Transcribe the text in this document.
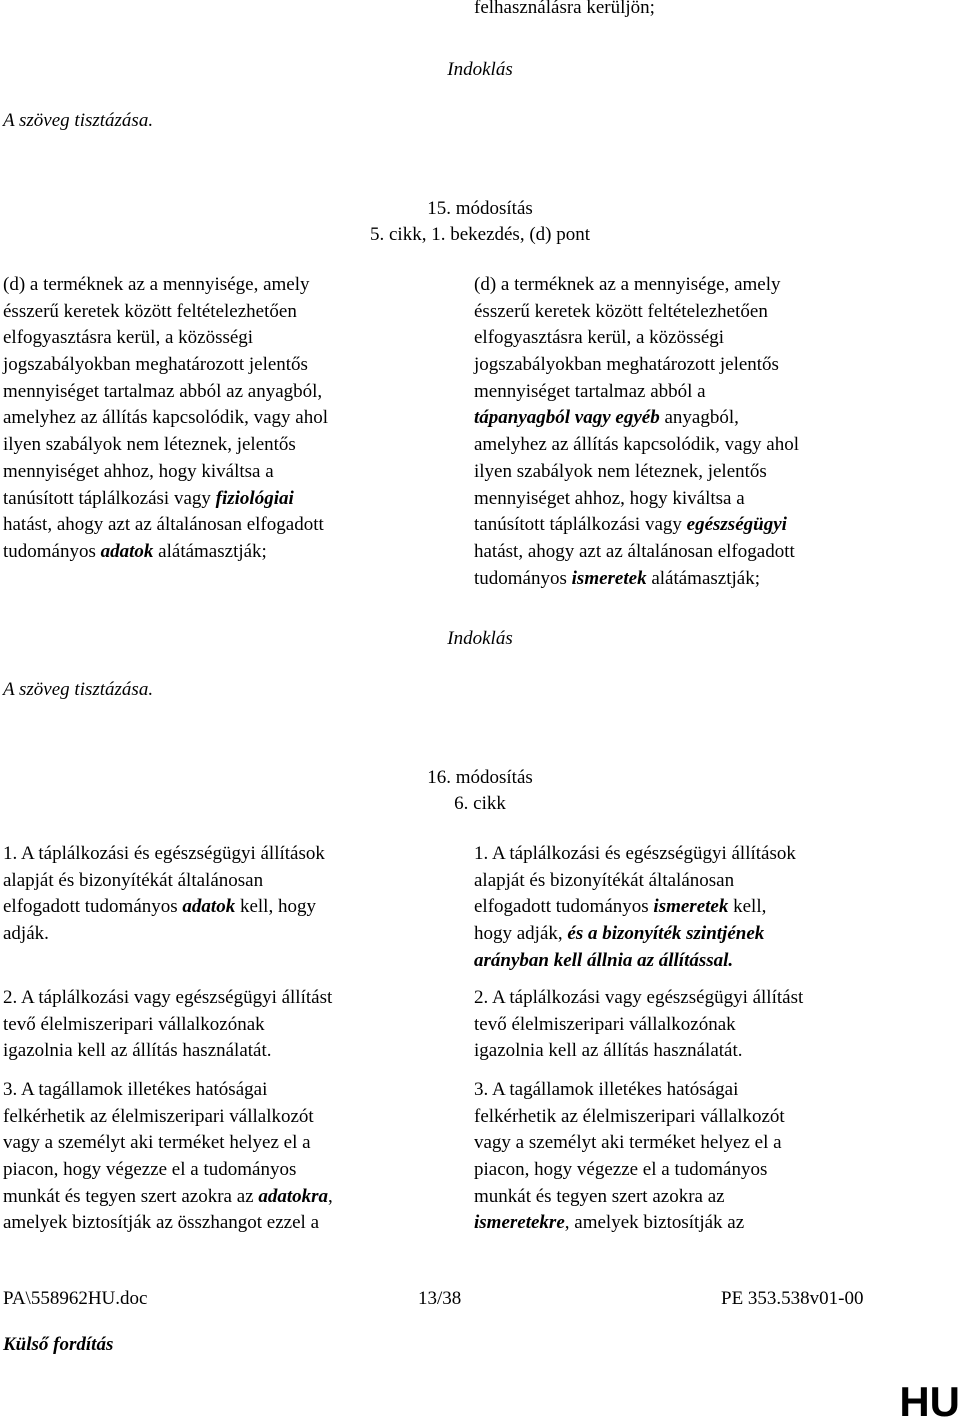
felhasználásra kerüljön;
Indoklás
A szöveg tisztázása.
15. módosítás
5. cikk, 1. bekezdés, (d) pont
(d) a terméknek az a mennyisége, amely
ésszerű keretek között feltételezhetően
elfogyasztásra kerül, a közösségi
jogszabályokban meghatározott jelentős
mennyiséget tartalmaz abból az anyagból,
amelyhez az állítás kapcsolódik, vagy ahol
ilyen szabályok nem léteznek, jelentős
mennyiséget ahhoz, hogy kiváltsa a
tanúsított táplálkozási vagy fiziológiai
hatást, ahogy azt az általánosan elfogadott
tudományos adatok alátámasztják;
(d) a terméknek az a mennyisége, amely
ésszerű keretek között feltételezhetően
elfogyasztásra kerül, a közösségi
jogszabályokban meghatározott jelentős
mennyiséget tartalmaz abból a
tápanyagból vagy egyéb anyagból,
amelyhez az állítás kapcsolódik, vagy ahol
ilyen szabályok nem léteznek, jelentős
mennyiséget ahhoz, hogy kiváltsa a
tanúsított táplálkozási vagy egészségügyi
hatást, ahogy azt az általánosan elfogadott
tudományos ismeretek alátámasztják;
Indoklás
A szöveg tisztázása.
16. módosítás
6. cikk
1. A táplálkozási és egészségügyi állítások
alapját és bizonyítékát általánosan
elfogadott tudományos adatok kell, hogy
adják.
1. A táplálkozási és egészségügyi állítások
alapját és bizonyítékát általánosan
elfogadott tudományos ismeretek kell,
hogy adják, és a bizonyíték szintjének
arányban kell állnia az állítással.
2. A táplálkozási vagy egészségügyi állítást
tevő élelmiszeripari vállalkozónak
igazolnia kell az állítás használatát.
2. A táplálkozási vagy egészségügyi állítást
tevő élelmiszeripari vállalkozónak
igazolnia kell az állítás használatát.
3. A tagállamok illetékes hatóságai
felkérhetik az élelmiszeripari vállalkozót
vagy a személyt aki terméket helyez el a
piacon, hogy végezze el a tudományos
munkát és tegyen szert azokra az adatokra,
amelyek biztosítják az összhangot ezzel a
3. A tagállamok illetékes hatóságai
felkérhetik az élelmiszeripari vállalkozót
vagy a személyt aki terméket helyez el a
piacon, hogy végezze el a tudományos
munkát és tegyen szert azokra az
ismeretekre, amelyek biztosítják az
PA\558962HU.doc	13/38	PE 353.538v01-00
Külső fordítás
HU
